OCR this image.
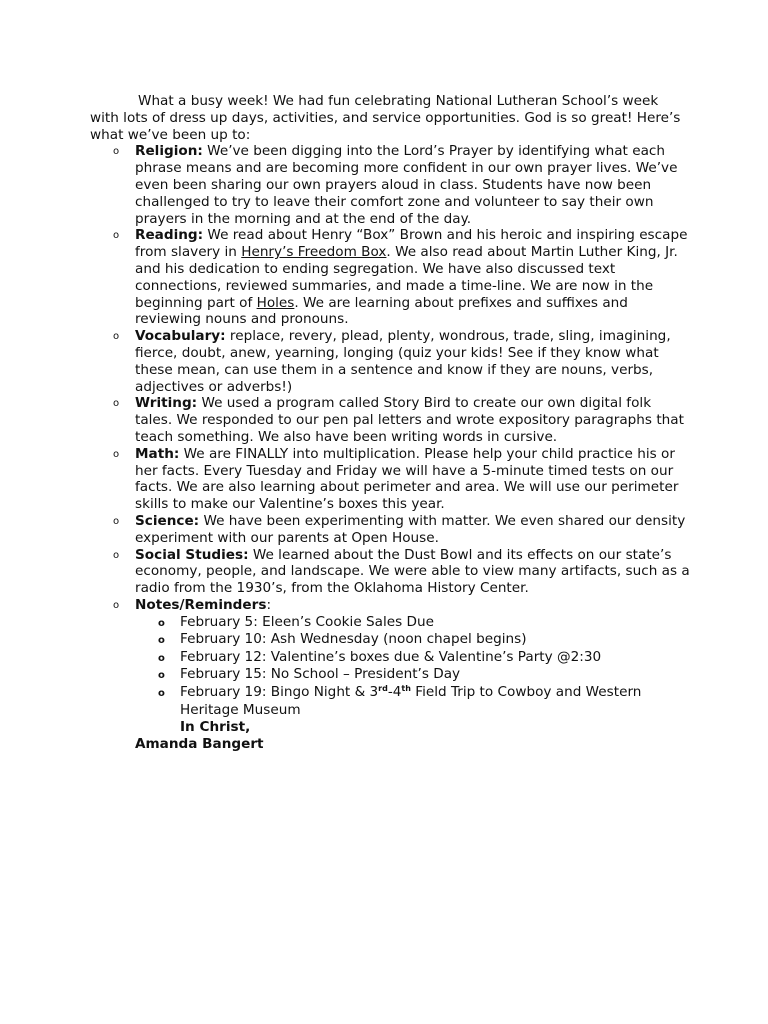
What a busy week! We had fun celebrating National Lutheran School’s week with lots of dress up days, activities, and service opportunities. God is so great! Here’s what we’ve been up to:

o Religion: We’ve been digging into the Lord’s Prayer by identifying what each phrase means and are becoming more confident in our own prayer lives. We’ve even been sharing our own prayers aloud in class. Students have now been challenged to try to leave their comfort zone and volunteer to say their own prayers in the morning and at the end of the day.
o Reading: We read about Henry “Box” Brown and his heroic and inspiring escape from slavery in Henry’s Freedom Box. We also read about Martin Luther King, Jr. and his dedication to ending segregation. We have also discussed text connections, reviewed summaries, and made a time-line. We are now in the beginning part of Holes. We are learning about prefixes and suffixes and reviewing nouns and pronouns.
o Vocabulary: replace, revery, plead, plenty, wondrous, trade, sling, imagining, fierce, doubt, anew, yearning, longing (quiz your kids! See if they know what these mean, can use them in a sentence and know if they are nouns, verbs, adjectives or adverbs!)
o Writing: We used a program called Story Bird to create our own digital folk tales. We responded to our pen pal letters and wrote expository paragraphs that teach something. We also have been writing words in cursive.
o Math: We are FINALLY into multiplication. Please help your child practice his or her facts. Every Tuesday and Friday we will have a 5-minute timed tests on our facts. We are also learning about perimeter and area. We will use our perimeter skills to make our Valentine’s boxes this year.
o Science: We have been experimenting with matter. We even shared our density experiment with our parents at Open House.
o Social Studies: We learned about the Dust Bowl and its effects on our state’s economy, people, and landscape. We were able to view many artifacts, such as a radio from the 1930’s, from the Oklahoma History Center.
o Notes/Reminders:
o February 5: Eleen’s Cookie Sales Due
o February 10: Ash Wednesday (noon chapel begins)
o February 12: Valentine’s boxes due & Valentine’s Party @2:30
o February 15: No School – President’s Day
o February 19: Bingo Night & 3rd-4th Field Trip to Cowboy and Western Heritage Museum
In Christ,
Amanda Bangert
